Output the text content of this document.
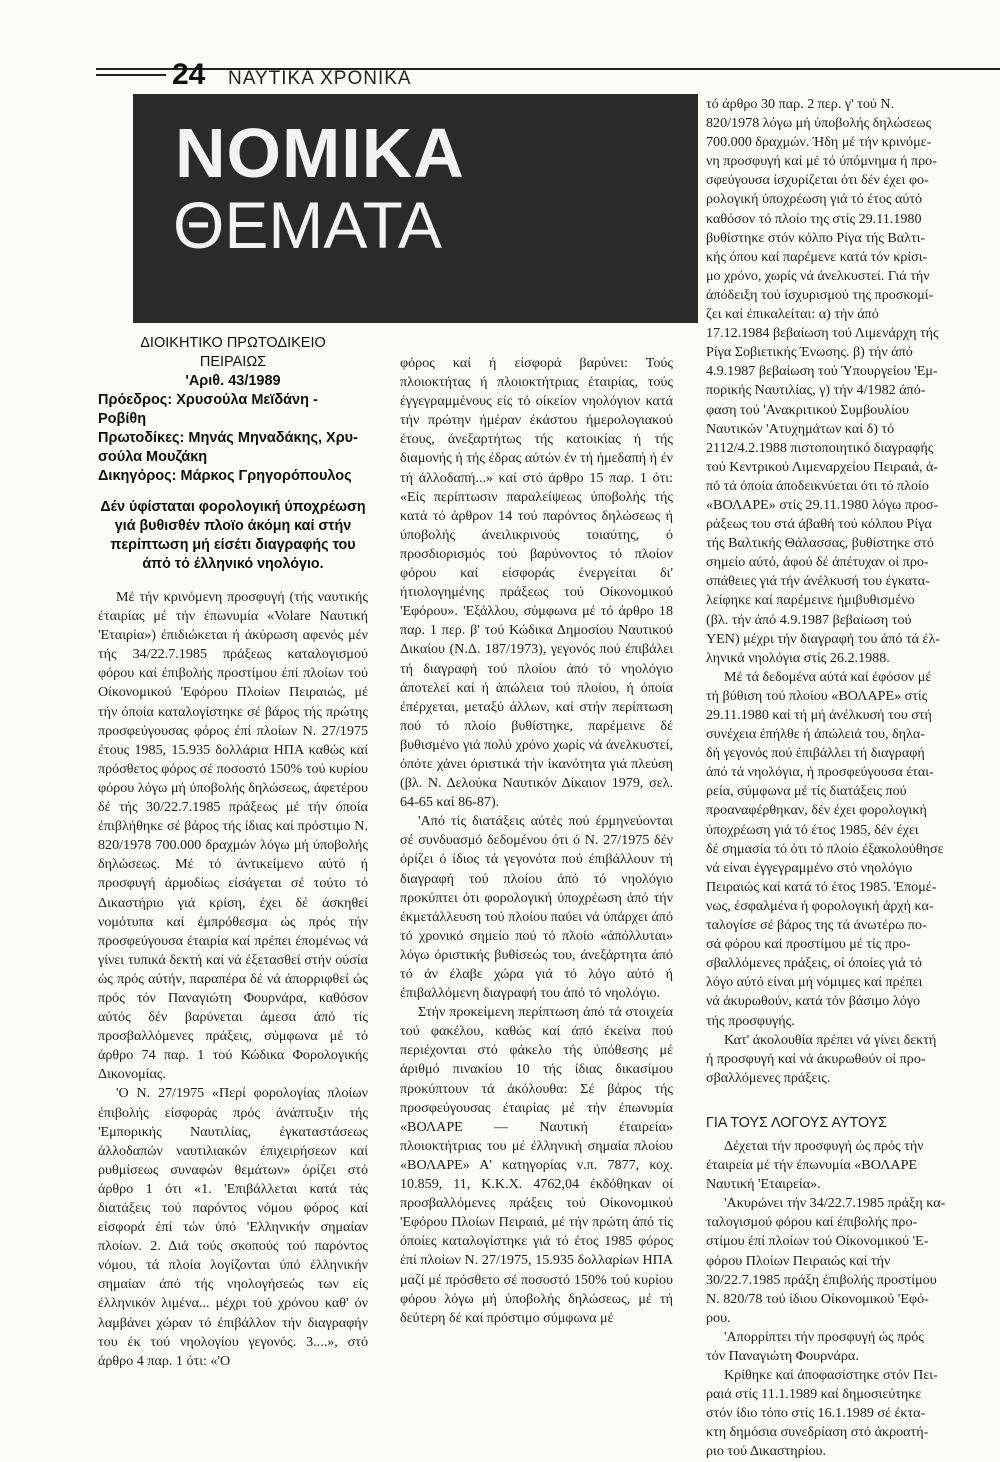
24 ΝΑΥΤΙΚΑ ΧΡΟΝΙΚΑ
ΝΟΜΙΚΑ
ΘΕΜΑΤΑ
ΔΙΟΙΚΗΤΙΚΟ ΠΡΩΤΟΔΙΚΕΙΟ
ΠΕΙΡΑΙΩΣ
'Αριθ. 43/1989
Πρόεδρος: Χρυσούλα Μεϊδάνη - Ροβίθη
Πρωτοδίκες: Μηνάς Μηναδάκης, Χρυ-
σούλα Μουζάκη
Δικηγόρος: Μάρκος Γρηγορόπουλος
Δέν ύφίσταται φορολογική ύποχρέωση γιά βυθισθέν πλοϊο άκόμη καί στήν περίπτωση μή είσέτι διαγραφής του άπό τό έλληνικό νηολόγιο.

Μέ τήν κρινόμενη προσφυγή (τής ναυτικής έταιρίας μέ τήν έπωνυμία «Volare Ναυτική 'Εταιρία») έπιδιώκεται ή άκύρωση αφενός μέν τής 34/22.7.1985 πράξεως καταλογισμού φόρου καί έπιβολής προστίμου έπί πλοίων τού Οίκονομικού 'Εφόρου Πλοίων Πειραιώς, μέ τήν όποία καταλογίστηκε σέ βάρος τής πρώτης προσφεύγουσας φόρος έπί πλοίων Ν. 27/1975 έτους 1985, 15.935 δολλάρια ΗΠΑ καθώς καί πρόσθετος φόρος σέ ποσοστό 150% τού κυρίου φόρου λόγω μή ύποβολής δηλώσεως, άφετέρου δέ τής 30/22.7.1985 πράξεως μέ τήν όποία έπιβλήθηκε σέ βάρος τής ίδιας καί πρόστιμο Ν. 820/1978 700.000 δραχμών λόγω μή ύποβολής δηλώσεως. Μέ τό άντικείμενο αύτό ή προσφυγή άρμοδίως είσάγεται σέ τούτο τό Δικαστήριο γιά κρίση, έχει δέ άσκηθεί νομότυπα καί έμπρόθεσμα ώς πρός τήν προσφεύγουσα έταιρία καί πρέπει έπομένως νά γίνει τυπικά δεκτή καί νά έξετασθεί στήν ούσία ώς πρός αύτήν, παραπέρα δέ νά άπορριφθεί ώς πρός τόν Παναγιώτη Φουρνάρα, καθόσον αύτός δέν βαρύνεται άμεσα άπό τίς προσβαλλόμενες πράξεις, σύμφωνα μέ τό άρθρο 74 παρ. 1 τού Κώδικα Φορολογικής Δικονομίας.

'Ο Ν. 27/1975 «Περί φορολογίας πλοίων έπιβολής είσφοράς πρός άνάπτυξιν τής 'Εμπορικής Ναυτιλίας, έγκαταστάσεως άλλοδαπών ναυτιλιακών έπιχειρήσεων καί ρυθμίσεως συναφών θεμάτων» όρίζει στό άρθρο 1 ότι «1. 'Επιβάλλεται κατά τάς διατάξεις τού παρόντος νόμου φόρος καί είσφορά έπί τών ύπό 'Ελληνικήν σημαίαν πλοίων. 2. Διά τούς σκοπούς τού παρόντος νόμου, τά πλοία λογίζονται ύπό έλληνικήν σημαίαν άπό τής νηολογήσεώς των είς έλληνικόν λιμένα... μέχρι τού χρόνου καθ' όν λαμβάνει χώραν τό έπιβάλλον τήν διαγραφήν του έκ τού νηολογίου γεγονός. 3....», στό άρθρο 4 παρ. 1 ότι: «'Ο

φόρος καί ή είσφορά βαρύνει: Τούς πλοιοκτήτας ή πλοιοκτήτριας έταιρίας, τούς έγγεγραμμένους είς τό οίκείον νηολόγιον κατά τήν πρώτην ήμέραν έκάστου ήμερολογιακού έτους, άνεξαρτήτως τής κατοικίας ή τής διαμονής ή τής έδρας αύτών έν τή ήμεδαπή ή έν τή άλλοδαπή...» καί στό άρθρο 15 παρ. 1 ότι: «Είς περίπτωσιν παραλείψεως ύποβολής τής κατά τό άρθρον 14 τού παρόντος δηλώσεως ή ύποβολής άνειλικρινούς τοιαύτης, ό προσδιορισμός τού βαρύνοντος τό πλοίον φόρου καί είσφοράς ένεργείται δι' ήτιολογημένης πράξεως τού Οίκονομικού 'Εφόρου». 'Εξάλλου, σύμφωνα μέ τό άρθρο 18 παρ. 1 περ. β' τού Κώδικα Δημοσίου Ναυτικού Δικαίου (Ν.Δ. 187/1973), γεγονός πού έπιβάλει τή διαγραφή τού πλοίου άπό τό νηολόγιο άποτελεί καί ή άπώλεια τού πλοίου, ή όποία έπέρχεται, μεταξύ άλλων, καί στήν περίπτωση πού τό πλοίο βυθίστηκε, παρέμεινε δέ βυθισμένο γιά πολύ χρόνο χωρίς νά άνελκυστεί, όπότε χάνει όριστικά τήν ίκανότητα γιά πλεύση (βλ. Ν. Δελούκα Ναυτικόν Δίκαιον 1979, σελ. 64-65 καί 86-87).

'Από τίς διατάξεις αύτές πού έρμηνεύονται σέ συνδυασμό δεδομένου ότι ό Ν. 27/1975 δέν όρίζει ό ίδιος τά γεγονότα πού έπιβάλλουν τή διαγραφή τού πλοίου άπό τό νηολόγιο προκύπτει ότι φορολογική ύποχρέωση άπό τήν έκμετάλλευση τού πλοίου παύει νά ύπάρχει άπό τό χρονικό σημείο πού τό πλοίο «άπόλλυται» λόγω όριστικής βυθίσεώς του, άνεξάρτητα άπό τό άν έλαβε χώρα γιά τό λόγο αύτό ή έπιβαλλόμενη διαγραφή του άπό τό νηολόγιο.

Στήν προκείμενη περίπτωση άπό τά στοιχεία τού φακέλου, καθώς καί άπό έκείνα πού περιέχονται στό φάκελο τής ύπόθεσης μέ άριθμό πινακίου 10 τής ίδιας δικασίμου προκύπτουν τά άκόλουθα: Σέ βάρος τής προσφεύγουσας έταιρίας μέ τήν έπωνυμία «ΒΟΛΑΡΕ — Ναυτική έταιρεία» πλοιοκτήτριας του μέ έλληνική σημαία πλοίου «ΒΟΛΑΡΕ» Α' κατηγορίας ν.π. 7877, κοχ. 10.859, 11, Κ.Κ.Χ. 4762,04 έκδόθηκαν οί προσβαλλόμενες πράξεις τού Οίκονομικού 'Εφόρου Πλοίων Πειραιά, μέ τήν πρώτη άπό τίς όποίες καταλογίστηκε γιά τό έτος 1985 φόρος έπί πλοίων Ν. 27/1975, 15.935 δολλαρίων ΗΠΑ μαζί μέ πρόσθετο σέ ποσοστό 150% τού κυρίου φόρου λόγω μή ύποβολής δηλώσεως, μέ τή δεύτερη δέ καί πρόστιμο σύμφωνα μέ

τό άρθρο 30 παρ. 2 περ. γ' τού Ν.

820/1978 λόγω μή ύποβολής δηλώσεως

700.000 δραχμών. Ήδη μέ τήν κρινόμε-

νη προσφυγή καί μέ τό ύπόμνημα ή προ-

σφεύγουσα ίσχυρίζεται ότι δέν έχει φο-

ρολογική ύποχρέωση γιά τό έτος αύτό

καθόσον τό πλοίο της στίς 29.11.1980

βυθίστηκε στόν κόλπο Ρίγα τής Βαλτι-

κής όπου καί παρέμενε κατά τόν κρίσι-

μο χρόνο, χωρίς νά άνελκυστεί. Γιά τήν

άπόδειξη τού ίσχυρισμού της προσκομί-

ζει καί έπικαλείται: α) τήν άπό

17.12.1984 βεβαίωση τού Λιμενάρχη τής

Ρίγα Σοβιετικής Ένωσης. β) τήν άπό

4.9.1987 βεβαίωση τού Ύπουργείου 'Εμ-

πορικής Ναυτιλίας, γ) τήν 4/1982 άπό-

φαση τού 'Ανακριτικού Συμβουλίου

Ναυτικών 'Ατυχημάτων καί δ) τό

2112/4.2.1988 πιστοποιητικό διαγραφής

τού Κεντρικού Λιμεναρχείου Πειραιά, ά-

πό τά όποία άποδεικνύεται ότι τό πλοίο

«ΒΟΛΑΡΕ» στίς 29.11.1980 λόγω προσ-

ράξεως του στά άβαθή τού κόλπου Ρίγα

τής Βαλτικής Θάλασσας, βυθίστηκε στό

σημείο αύτό, άφού δέ άπέτυχαν οί προ-

σπάθειες γιά τήν άνέλκυσή του έγκατα-

λείφηκε καί παρέμεινε ήμιβυθισμένο

(βλ. τήν άπό 4.9.1987 βεβαίωση τού

ΥΕΝ) μέχρι τήν διαγραφή του άπό τά έλ-

ληνικά νηολόγια στίς 26.2.1988.

Μέ τά δεδομένα αύτά καί έφόσον μέ

τή βύθιση τού πλοίου «ΒΟΛΑΡΕ» στίς

29.11.1980 καί τή μή άνέλκυσή του στή

συνέχεια έπήλθε ή άπώλειά του, δηλα-

δή γεγονός πού έπιβάλλει τή διαγραφή

άπό τά νηολόγια, ή προσφεύγουσα έται-

ρεία, σύμφωνα μέ τίς διατάξεις πού

προαναφέρθηκαν, δέν έχει φορολογική

ύποχρέωση γιά τό έτος 1985, δέν έχει

δέ σημασία τό ότι τό πλοίο έξακολούθησε

νά είναι έγγεγραμμένο στό νηολόγιο

Πειραιώς καί κατά τό έτος 1985. Έπομέ-

νως, έσφαλμένα ή φορολογική άρχή κα-

ταλογίσε σέ βάρος της τά άνωτέρω πο-

σά φόρου καί προστίμου μέ τίς προ-

σβαλλόμενες πράξεις, οί όποίες γιά τό

λόγο αύτό είναι μή νόμιμες καί πρέπει

νά άκυρωθούν, κατά τόν βάσιμο λόγο

τής προσφυγής.

Κατ' άκολουθία πρέπει νά γίνει δεκτή

ή προσφυγή καί νά άκυρωθούν οί προ-

σβαλλόμενες πράξεις.

ΓΙΑ ΤΟΥΣ ΛΟΓΟΥΣ ΑΥΤΟΥΣ

Δέχεται τήν προσφυγή ώς πρός τήν

έταιρεία μέ τήν έπωνυμία «ΒΟΛΑΡΕ

Ναυτική 'Εταιρεία».

'Ακυρώνει τήν 34/22.7.1985 πράξη κα-

ταλογισμού φόρου καί έπιβολής προ-

στίμου έπί πλοίων τού Οίκονομικού 'Ε-

φόρου Πλοίων Πειραιώς καί τήν

30/22.7.1985 πράξη έπιβολής προστίμου

Ν. 820/78 τού ίδιου Οίκονομικού 'Εφό-

ρου.

'Απορρίπτει τήν προσφυγή ώς πρός

τόν Παναγιώτη Φουρνάρα.

Κρίθηκε καί άποφασίστηκε στόν Πει-

ραιά στίς 11.1.1989 καί δημοσιεύτηκε

στόν ίδιο τόπο στίς 16.1.1989 σέ έκτα-

κτη δημόσια συνεδρίαση στό άκροατή-

ριο τού Δικαστηρίου.
